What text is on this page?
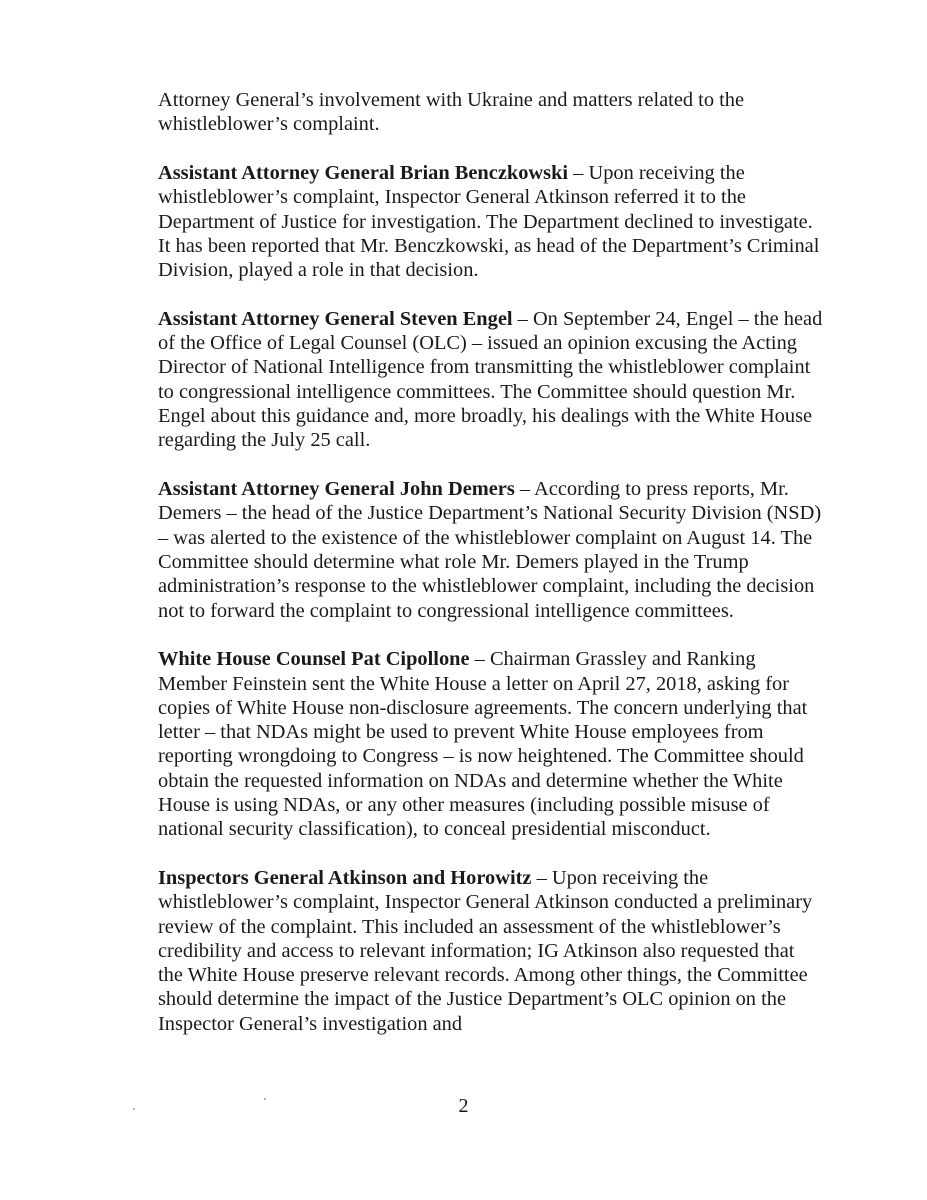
Attorney General’s involvement with Ukraine and matters related to the whistleblower’s complaint.

Assistant Attorney General Brian Benczkowski – Upon receiving the whistleblower’s complaint, Inspector General Atkinson referred it to the Department of Justice for investigation. The Department declined to investigate. It has been reported that Mr. Benczkowski, as head of the Department’s Criminal Division, played a role in that decision.

Assistant Attorney General Steven Engel – On September 24, Engel – the head of the Office of Legal Counsel (OLC) – issued an opinion excusing the Acting Director of National Intelligence from transmitting the whistleblower complaint to congressional intelligence committees. The Committee should question Mr. Engel about this guidance and, more broadly, his dealings with the White House regarding the July 25 call.

Assistant Attorney General John Demers – According to press reports, Mr. Demers – the head of the Justice Department’s National Security Division (NSD) – was alerted to the existence of the whistleblower complaint on August 14. The Committee should determine what role Mr. Demers played in the Trump administration’s response to the whistleblower complaint, including the decision not to forward the complaint to congressional intelligence committees.

White House Counsel Pat Cipollone – Chairman Grassley and Ranking Member Feinstein sent the White House a letter on April 27, 2018, asking for copies of White House non-disclosure agreements. The concern underlying that letter – that NDAs might be used to prevent White House employees from reporting wrongdoing to Congress – is now heightened. The Committee should obtain the requested information on NDAs and determine whether the White House is using NDAs, or any other measures (including possible misuse of national security classification), to conceal presidential misconduct.

Inspectors General Atkinson and Horowitz – Upon receiving the whistleblower’s complaint, Inspector General Atkinson conducted a preliminary review of the complaint. This included an assessment of the whistleblower’s credibility and access to relevant information; IG Atkinson also requested that the White House preserve relevant records. Among other things, the Committee should determine the impact of the Justice Department’s OLC opinion on the Inspector General’s investigation and

2
